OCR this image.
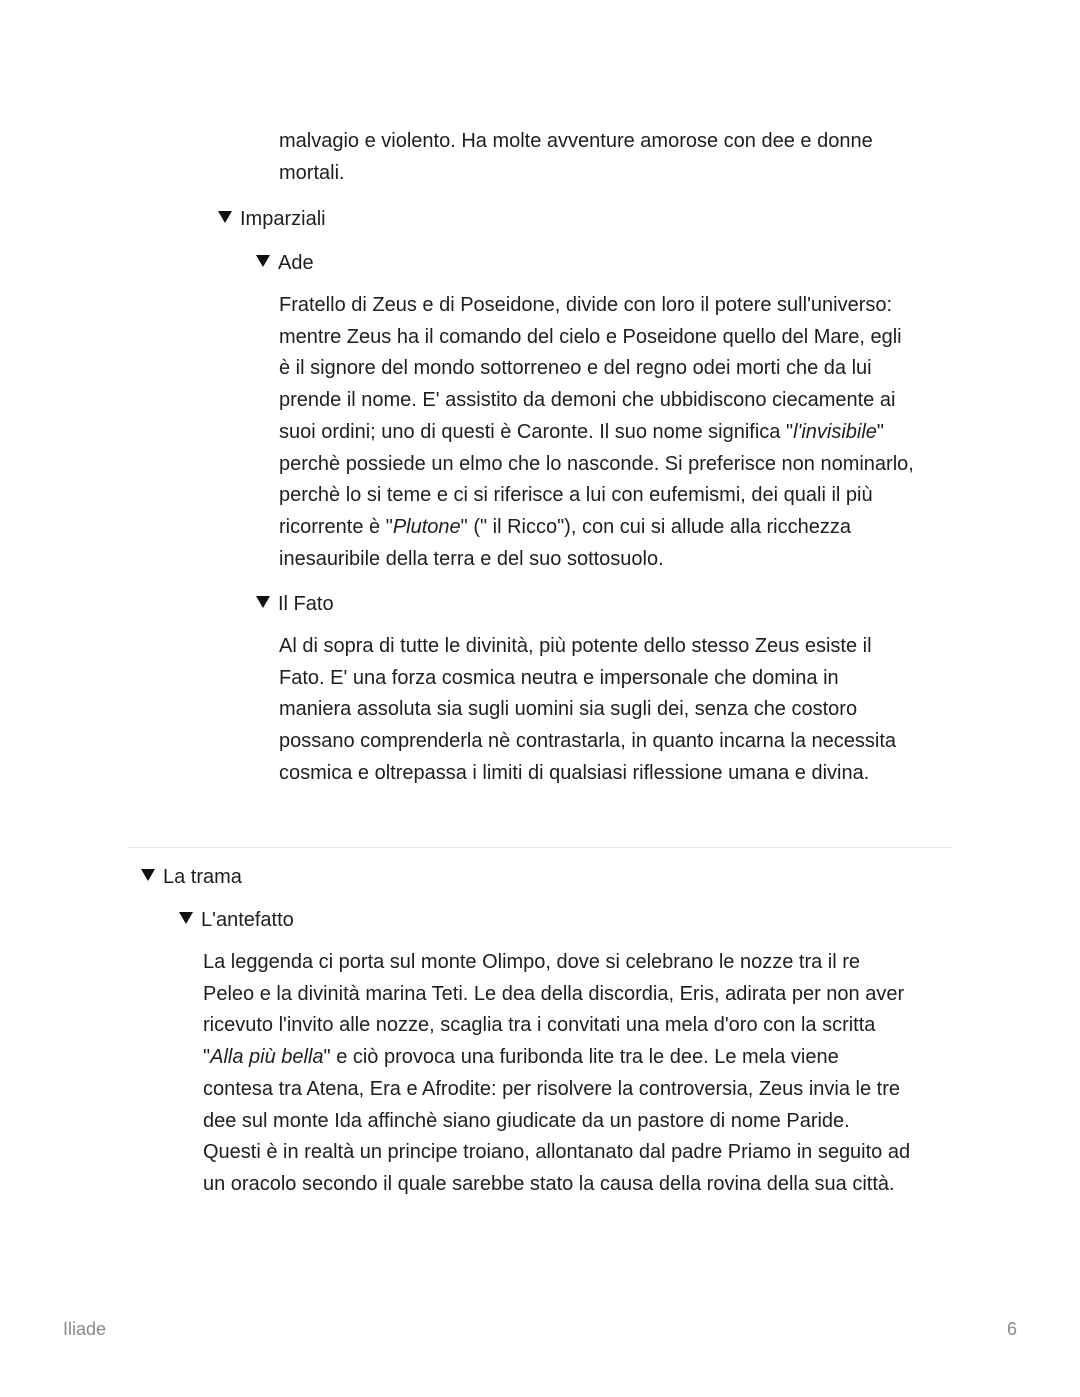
malvagio e violento. Ha molte avventure amorose con dee e donne
mortali.

Imparziali
Ade

Fratello di Zeus e di Poseidone, divide con loro il potere sull'universo:
mentre Zeus ha il comando del cielo e Poseidone quello del Mare, egli
è il signore del mondo sottorreneo e del regno odei morti che da lui
prende il nome. E' assistito da demoni che ubbidiscono ciecamente ai
suoi ordini; uno di questi è Caronte. Il suo nome significa "l'invisibile"
perchè possiede un elmo che lo nasconde. Si preferisce non nominarlo,
perchè lo si teme e ci si riferisce a lui con eufemismi, dei quali il più
ricorrente è "Plutone" (" il Ricco"), con cui si allude alla ricchezza
inesauribile della terra e del suo sottosuolo.

Il Fato

Al di sopra di tutte le divinità, più potente dello stesso Zeus esiste il
Fato. E' una forza cosmica neutra e impersonale che domina in
maniera assoluta sia sugli uomini sia sugli dei, senza che costoro
possano comprenderla nè contrastarla, in quanto incarna la necessita
cosmica e oltrepassa i limiti di qualsiasi riflessione umana e divina.

La trama
L'antefatto

La leggenda ci porta sul monte Olimpo, dove si celebrano le nozze tra il re
Peleo e la divinità marina Teti. Le dea della discordia, Eris, adirata per non aver
ricevuto l'invito alle nozze, scaglia tra i convitati una mela d'oro con la scritta
"Alla più bella" e ciò provoca una furibonda lite tra le dee. Le mela viene
contesa tra Atena, Era e Afrodite: per risolvere la controversia, Zeus invia le tre
dee sul monte Ida affinchè siano giudicate da un pastore di nome Paride.
Questi è in realtà un principe troiano, allontanato dal padre Priamo in seguito ad
un oracolo secondo il quale sarebbe stato la causa della rovina della sua città.

Iliade	6
